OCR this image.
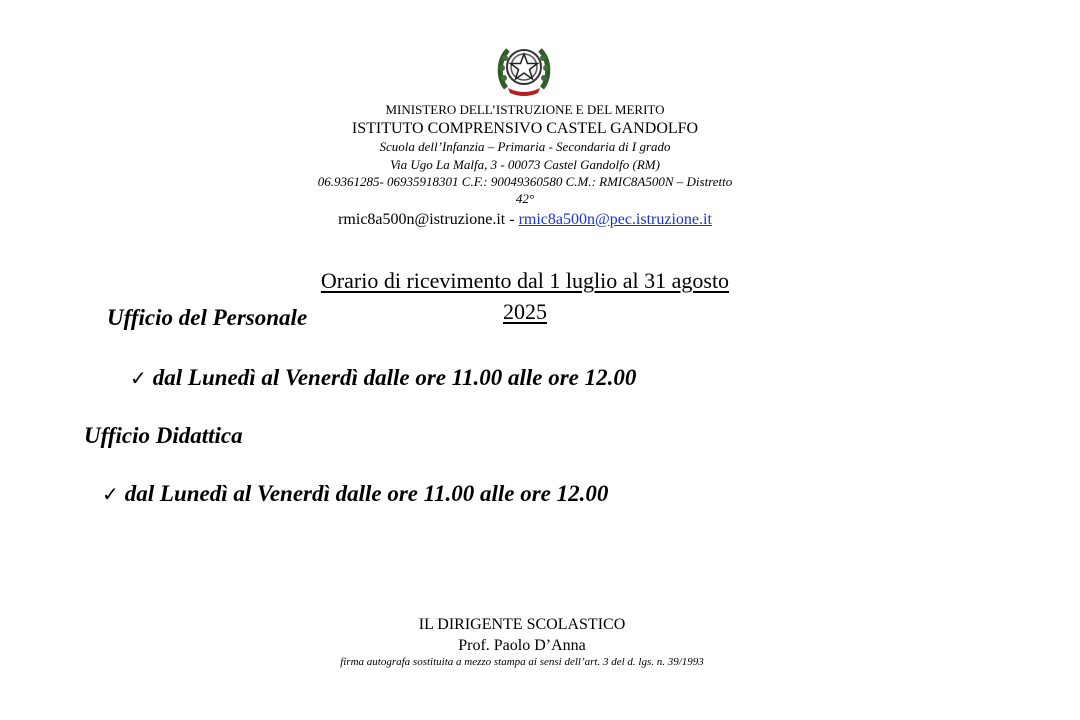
MINISTERO DELL’ISTRUZIONE E DEL MERITO
ISTITUTO COMPRENSIVO CASTEL GANDOLFO
Scuola dell’Infanzia – Primaria - Secondaria di I grado
Via Ugo La Malfa, 3 - 00073 Castel Gandolfo (RM)
06.9361285- 06935918301 C.F.: 90049360580 C.M.: RMIC8A500N – Distretto
42°
rmic8a500n@istruzione.it - rmic8a500n@pec.istruzione.it
Orario di ricevimento dal 1 luglio al 31 agosto
2025
Ufficio del Personale
✓ dal Lunedì al Venerdì dalle ore 11.00 alle ore 12.00
Ufficio Didattica
✓ dal Lunedì al Venerdì dalle ore 11.00 alle ore 12.00
IL DIRIGENTE SCOLASTICO
Prof. Paolo D’Anna
firma autografa sostituita a mezzo stampa ai sensi dell’art. 3 del d. lgs. n. 39/1993
